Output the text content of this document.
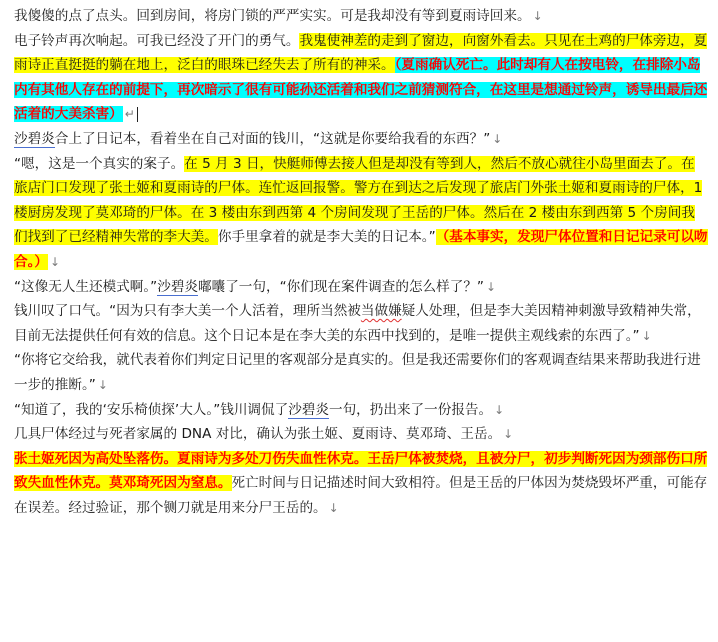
我傻傻的点了点头。回到房间，将房门锁的严严实实。可是我却没有等到夏雨诗回来。 ↓

电子铃声再次响起。可我已经没了开门的勇气。我鬼使神差的走到了窗边，向窗外看去。只见在土鸡的尸体旁边，夏雨诗正直挺挺的躺在地上，泛白的眼珠已经失去了所有的神采。（夏雨确认死亡。此时却有人在按电铃，在排除小岛内有其他人存在的前提下，再次暗示了很有可能孙还活着和我们之前猜测符合，在这里是想通过铃声，诱导出最后还活着的大美杀害） ↵

沙碧炎合上了日记本，看着坐在自己对面的钱川，“这就是你要给我看的东西？” ↓

“嗯，这是一个真实的案子。在 5 月 3 日，快艇师傅去接人但是却没有等到人，然后不放心就往小岛里面去了。在旅店门口发现了张土姬和夏雨诗的尸体。连忙返回报警。警方在到达之后发现了旅店门外张土姬和夏雨诗的尸体，1 楼厨房发现了莫邓琦的尸体。在 3 楼由东到西第 4 个房间发现了王岳的尸体。然后在 2 楼由东到西第 5 个房间我们找到了已经精神失常的李大美。你手里拿着的就是李大美的日记本。”（基本事实，发现尸体位置和日记记录可以吻合。） ↓

“这像无人生还模式啊。”沙碧炎嘟囔了一句，“你们现在案件调查的怎么样了？” ↓

钱川叹了口气。“因为只有李大美一个人活着，理所当然被当做嫌疑人处理，但是李大美因精神刺激导致精神失常，目前无法提供任何有效的信息。这个日记本是在李大美的东西中找到的，是唯一提供主观线索的东西了。” ↓

“你将它交给我，就代表着你们判定日记里的客观部分是真实的。但是我还需要你们的客观调查结果来帮助我进行进一步的推断。” ↓

“知道了，我的‘安乐椅侦探’大人。”钱川调侃了沙碧炎一句，扔出来了一份报告。 ↓

几具尸体经过与死者家属的 DNA 对比，确认为张土姬、夏雨诗、莫邓琦、王岳。 ↓

张土姬死因为高处坠落伤。夏雨诗为多处刀伤失血性休克。王岳尸体被焚烧，且被分尸，初步判断死因为颈部伤口所致失血性休克。莫邓琦死因为窒息。死亡时间与日记描述时间大致相符。但是王岳的尸体因为焚烧毁坏严重，可能存在误差。经过验证，那个铡刀就是用来分尸王岳的。 ↓
